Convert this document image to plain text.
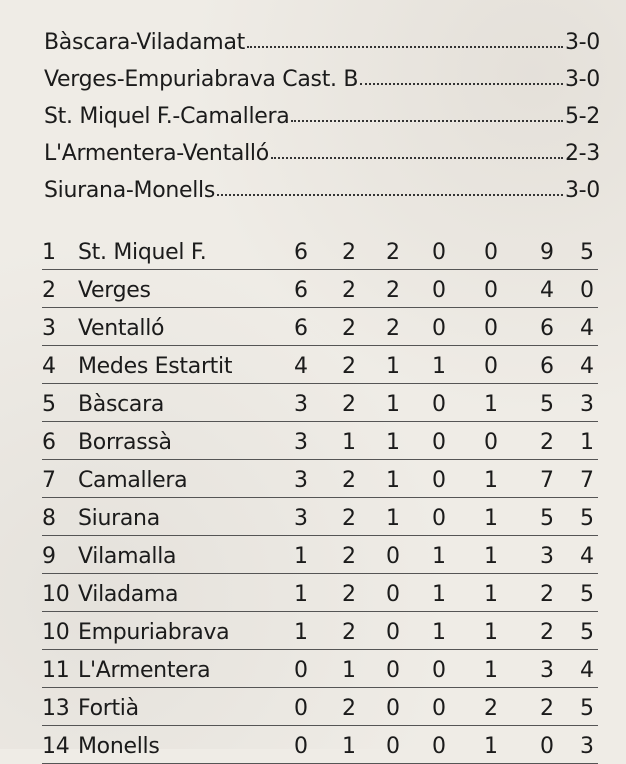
Bàscara-Viladamat	3-0
Verges-Empuriabrava Cast. B	3-0
St. Miquel F.-Camallera	5-2
L'Armentera-Ventalló	2-3
Siurana-Monells	3-0
1 St. Miquel F.	6 2 2 0 0 9 5
2 Verges	6 2 2 0 0 4 0
3 Ventalló	6 2 2 0 0 6 4
4 Medes Estartit	4 2 1 1 0 6 4
5 Bàscara	3 2 1 0 1 5 3
6 Borrassà	3 1 1 0 0 2 1
7 Camallera	3 2 1 0 1 7 7
8 Siurana	3 2 1 0 1 5 5
9 Vilamalla	1 2 0 1 1 3 4
10 Viladama	1 2 0 1 1 2 5
10 Empuriabrava	1 2 0 1 1 2 5
11 L'Armentera	0 1 0 0 1 3 4
13 Fortià	0 2 0 0 2 2 5
14 Monells	0 1 0 0 1 0 3
